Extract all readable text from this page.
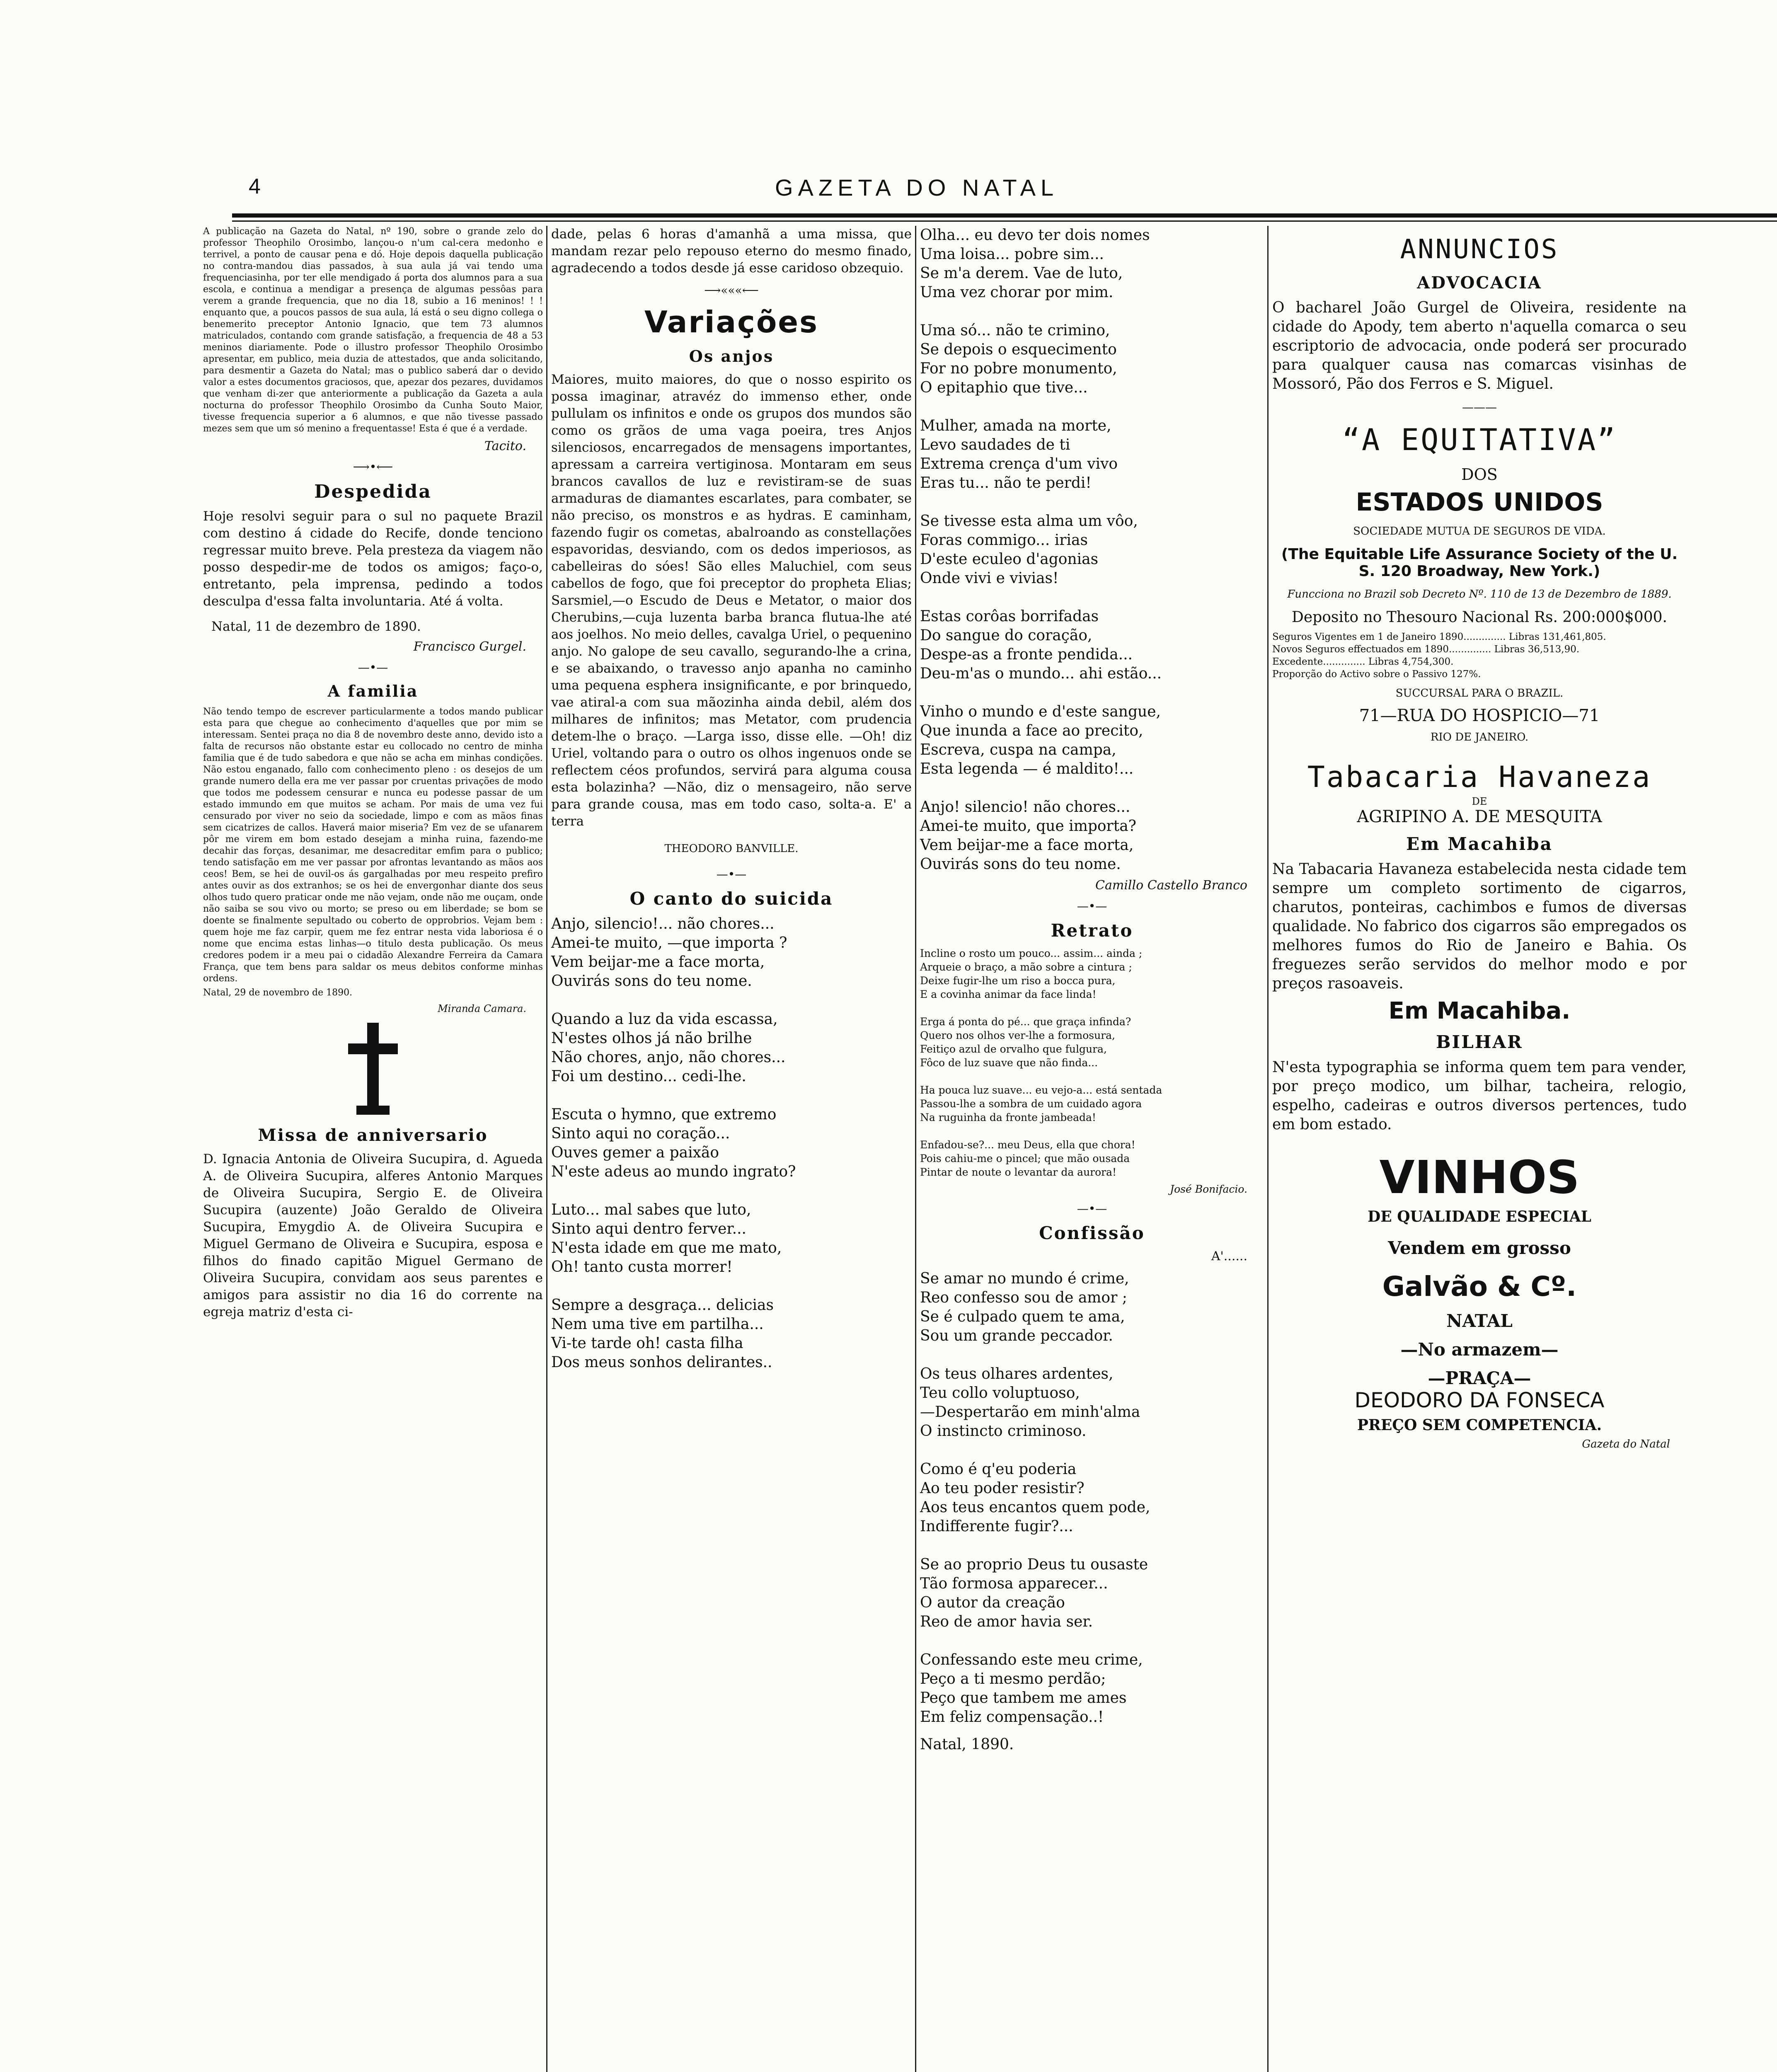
4	GAZETA DO NATAL

A publicação na Gazeta do Natal, nº 190, sobre o grande zelo do professor Theophilo Orosimbo, lançou-o n'um cal-cera medonho e terrivel, a ponto de causar pena e dó. Hoje depois daquella publicação no contra-mandou dias passados, à sua aula já vai tendo uma frequenciasinha, por ter elle mendigado á porta dos alumnos para a sua escola, e continua a mendigar a presença de algumas pessôas para verem a grande frequencia, que no dia 18, subio a 16 meninos! ! ! enquanto que, a poucos passos de sua aula, lá está o seu digno collega o benemerito preceptor Antonio Ignacio, que tem 73 alumnos matriculados, contando com grande satisfação, a frequencia de 48 a 53 meninos diariamente. Pode o illustro professor Theophilo Orosimbo apresentar, em publico, meia duzia de attestados, que anda solicitando, para desmentir a Gazeta do Natal; mas o publico saberá dar o devido valor a estes documentos graciosos, que, apezar dos pezares, duvidamos que venham di-zer que anteriormente a publicação da Gazeta a aula nocturna do professor Theophilo Orosimbo da Cunha Souto Maior, tivesse frequencia superior a 6 alumnos, e que não tivesse passado mezes sem que um só menino a frequentasse! Esta é que é a verdade.

Tacito.
⟶•⟵
Despedida

Hoje resolvi seguir para o sul no paquete Brazil com destino á cidade do Recife, donde tenciono regressar muito breve. Pela presteza da viagem não posso despedir-me de todos os amigos; faço-o, entretanto, pela imprensa, pedindo a todos desculpa d'essa falta involuntaria. Até á volta.

Natal, 11 de dezembro de 1890.

Francisco Gurgel.
—•—
A familia

Não tendo tempo de escrever particularmente a todos mando publicar esta para que chegue ao conhecimento d'aquelles que por mim se interessam. Sentei praça no dia 8 de novembro deste anno, devido isto a falta de recursos não obstante estar eu collocado no centro de minha familia que é de tudo sabedora e que não se acha em minhas condições. Não estou enganado, fallo com conhecimento pleno : os desejos de um grande numero della era me ver passar por cruentas privações de modo que todos me podessem censurar e nunca eu podesse passar de um estado immundo em que muitos se acham. Por mais de uma vez fui censurado por viver no seio da sociedade, limpo e com as mãos finas sem cicatrizes de callos. Haverá maior miseria? Em vez de se ufanarem pôr me virem em bom estado desejam a minha ruina, fazendo-me decahir das forças, desanimar, me desacreditar emfim para o publico; tendo satisfação em me ver passar por afrontas levantando as mãos aos ceos! Bem, se hei de ouvil-os ás gargalhadas por meu respeito prefiro antes ouvir as dos extranhos; se os hei de envergonhar diante dos seus olhos tudo quero praticar onde me não vejam, onde não me ouçam, onde não saiba se sou vivo ou morto; se preso ou em liberdade; se bom se doente se finalmente sepultado ou coberto de opprobrios. Vejam bem : quem hoje me faz carpir, quem me fez entrar nesta vida laboriosa é o nome que encima estas linhas—o titulo desta publicação. Os meus credores podem ir a meu pai o cidadão Alexandre Ferreira da Camara França, que tem bens para saldar os meus debitos conforme minhas ordens.

Natal, 29 de novembro de 1890.

Miranda Camara.
Missa de anniversario

D. Ignacia Antonia de Oliveira Sucupira, d. Agueda A. de Oliveira Sucupira, alferes Antonio Marques de Oliveira Sucupira, Sergio E. de Oliveira Sucupira (auzente) João Geraldo de Oliveira Sucupira, Emygdio A. de Oliveira Sucupira e Miguel Germano de Oliveira e Sucupira, esposa e filhos do finado capitão Miguel Germano de Oliveira Sucupira, convidam aos seus parentes e amigos para assistir no dia 16 do corrente na egreja matriz d'esta ci-

dade, pelas 6 horas d'amanhã a uma missa, que mandam rezar pelo repouso eterno do mesmo finado, agradecendo a todos desde já esse caridoso obzequio.

⟶«««⟵
Variações
Os anjos

Maiores, muito maiores, do que o nosso espirito os possa imaginar, atravéz do immenso ether, onde pullulam os infinitos e onde os grupos dos mundos são como os grãos de uma vaga poeira, tres Anjos silenciosos, encarregados de mensagens importantes, apressam a carreira vertiginosa. Montaram em seus brancos cavallos de luz e revistiram-se de suas armaduras de diamantes escarlates, para combater, se não preciso, os monstros e as hydras. E caminham, fazendo fugir os cometas, abalroando as constellações espavoridas, desviando, com os dedos imperiosos, as cabelleiras do sóes! São elles Maluchiel, com seus cabellos de fogo, que foi preceptor do propheta Elias; Sarsmiel,—o Escudo de Deus e Metator, o maior dos Cherubins,—cuja luzenta barba branca flutua-lhe até aos joelhos. No meio delles, cavalga Uriel, o pequenino anjo. No galope de seu cavallo, segurando-lhe a crina, e se abaixando, o travesso anjo apanha no caminho uma pequena esphera insignificante, e por brinquedo, vae atiral-a com sua mãozinha ainda debil, além dos milhares de infinitos; mas Metator, com prudencia detem-lhe o braço. —Larga isso, disse elle. —Oh! diz Uriel, voltando para o outro os olhos ingenuos onde se reflectem céos profundos, servirá para alguma cousa esta bolazinha? —Não, diz o mensageiro, não serve para grande cousa, mas em todo caso, solta-a. E' a terra

THEODORO BANVILLE.
—•—
O canto do suicida
Anjo, silencio!... não chores...
Amei-te muito, —que importa ?
Vem beijar-me a face morta,
Ouvirás sons do teu nome.

Quando a luz da vida escassa,
N'estes olhos já não brilhe
Não chores, anjo, não chores...
Foi um destino... cedi-lhe.

Escuta o hymno, que extremo
Sinto aqui no coração...
Ouves gemer a paixão
N'este adeus ao mundo ingrato?

Luto... mal sabes que luto,
Sinto aqui dentro ferver...
N'esta idade em que me mato,
Oh! tanto custa morrer!

Sempre a desgraça... delicias
Nem uma tive em partilha...
Vi-te tarde oh! casta filha
Dos meus sonhos delirantes..
Olha... eu devo ter dois nomes
Uma loisa... pobre sim...
Se m'a derem. Vae de luto,
Uma vez chorar por mim.

Uma só... não te crimino,
Se depois o esquecimento
For no pobre monumento,
O epitaphio que tive...

Mulher, amada na morte,
Levo saudades de ti
Extrema crença d'um vivo
Eras tu... não te perdi!

Se tivesse esta alma um vôo,
Foras commigo... irias
D'este eculeo d'agonias
Onde vivi e vivias!

Estas corôas borrifadas
Do sangue do coração,
Despe-as a fronte pendida...
Deu-m'as o mundo... ahi estão...

Vinho o mundo e d'este sangue,
Que inunda a face ao precito,
Escreva, cuspa na campa,
Esta legenda — é maldito!...

Anjo! silencio! não chores...
Amei-te muito, que importa?
Vem beijar-me a face morta,
Ouvirás sons do teu nome.
Camillo Castello Branco
—•—
Retrato
Incline o rosto um pouco... assim... ainda ;
Arqueie o braço, a mão sobre a cintura ;
Deixe fugir-lhe um riso a bocca pura,
E a covinha animar da face linda!

Erga á ponta do pé... que graça infinda?
Quero nos olhos ver-lhe a formosura,
Feitiço azul de orvalho que fulgura,
Fôco de luz suave que não finda...

Ha pouca luz suave... eu vejo-a... está sentada
Passou-lhe a sombra de um cuidado agora
Na ruguinha da fronte jambeada!

Enfadou-se?... meu Deus, ella que chora!
Pois cahiu-me o pincel; que mão ousada
Pintar de noute o levantar da aurora!
José Bonifacio.
—•—
Confissão
A'......
Se amar no mundo é crime,
Reo confesso sou de amor ;
Se é culpado quem te ama,
Sou um grande peccador.

Os teus olhares ardentes,
Teu collo voluptuoso,
—Despertarão em minh'alma
O instincto criminoso.

Como é q'eu poderia
Ao teu poder resistir?
Aos teus encantos quem pode,
Indifferente fugir?...

Se ao proprio Deus tu ousaste
Tão formosa apparecer...
O autor da creação
Reo de amor havia ser.

Confessando este meu crime,
Peço a ti mesmo perdão;
Peço que tambem me ames
Em feliz compensação..!

Natal, 1890.

ANNUNCIOS
ADVOCACIA

O bacharel João Gurgel de Oliveira, residente na cidade do Apody, tem aberto n'aquella comarca o seu escriptorio de advocacia, onde poderá ser procurado para qualquer causa nas comarcas visinhas de Mossoró, Pão dos Ferros e S. Miguel.

———
“A EQUITATIVA”
DOS
ESTADOS UNIDOS
SOCIEDADE MUTUA DE SEGUROS DE VIDA.
(The Equitable Life Assurance Society of the U. S. 120 Broadway, New York.)
Funcciona no Brazil sob Decreto Nº. 110 de 13 de Dezembro de 1889.
Deposito no Thesouro Nacional Rs. 200:000$000.
Seguros Vigentes em 1 de Janeiro 1890.............. Libras 131,461,805.
Novos Seguros effectuados em 1890.............. Libras 36,513,90.
Excedente.............. Libras 4,754,300.
Proporção do Activo sobre o Passivo 127%.
SUCCURSAL PARA O BRAZIL.
71—RUA DO HOSPICIO—71
RIO DE JANEIRO.
Tabacaria Havaneza
DE
AGRIPINO A. DE MESQUITA
Em Macahiba

Na Tabacaria Havaneza estabelecida nesta cidade tem sempre um completo sortimento de cigarros, charutos, ponteiras, cachimbos e fumos de diversas qualidade. No fabrico dos cigarros são empregados os melhores fumos do Rio de Janeiro e Bahia. Os freguezes serão servidos do melhor modo e por preços rasoaveis.

Em Macahiba.
BILHAR

N'esta typographia se informa quem tem para vender, por preço modico, um bilhar, tacheira, relogio, espelho, cadeiras e outros diversos pertences, tudo em bom estado.

VINHOS
DE QUALIDADE ESPECIAL
Vendem em grosso
Galvão & Cº.
NATAL
—No armazem—
—PRAÇA—
DEODORO DA FONSECA
PREÇO SEM COMPETENCIA.
Gazeta do Natal
